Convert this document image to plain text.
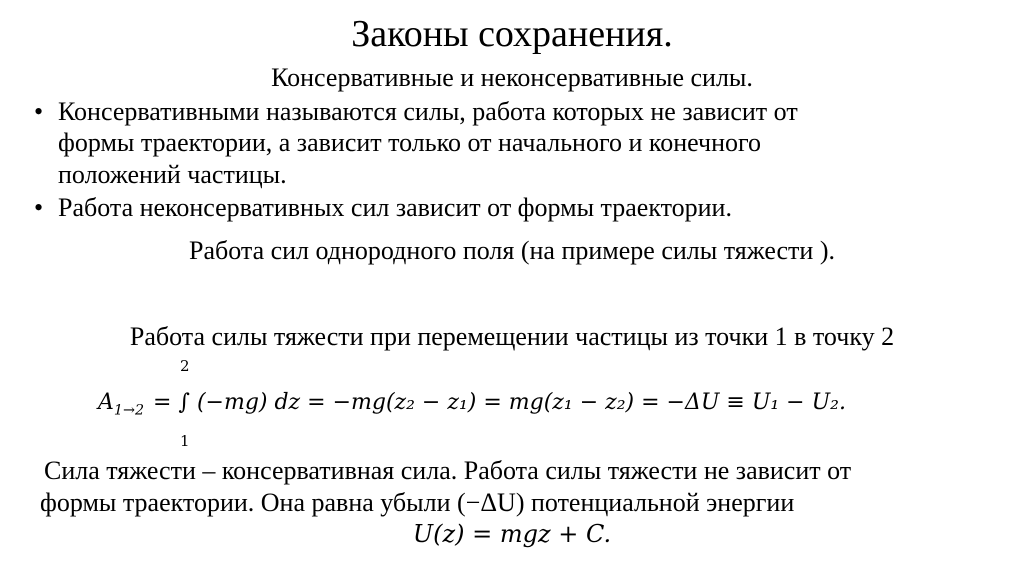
Законы сохранения.
Консервативные и неконсервативные силы.
• Консервативными называются силы, работа которых не зависит от
формы траектории, а зависит только от начального и конечного
положений частицы.
• Работа неконсервативных сил зависит от формы траектории.
Работа сил однородного поля (на примере силы тяжести ).
Работа силы тяжести при перемещении частицы из точки 1 в точку 2
$A_{1\to 2}$ = ∫ (−mg) dz = −mg(z₂ − z₁) = mg(z₁ − z₂) = −ΔU ≡ U₁ − U₂.
2
1
Сила тяжести – консервативная сила. Работа силы тяжести не зависит от
формы траектории. Она равна убыли (−ΔU) потенциальной энергии
U(z) = mgz + C.
